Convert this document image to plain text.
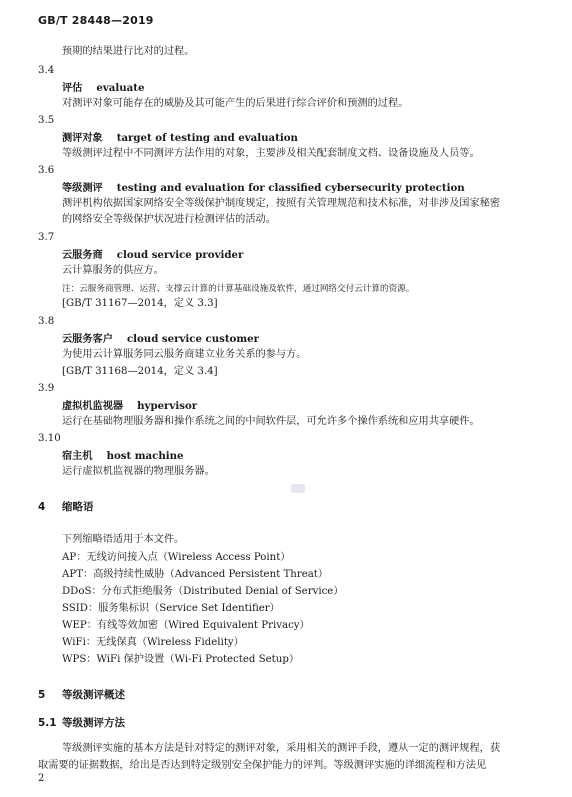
GB/T 28448—2019
预期的结果进行比对的过程。
3.4
评估 evaluate
对测评对象可能存在的威胁及其可能产生的后果进行综合评价和预测的过程。
3.5
测评对象 target of testing and evaluation
等级测评过程中不同测评方法作用的对象，主要涉及相关配套制度文档、设备设施及人员等。
3.6
等级测评 testing and evaluation for classified cybersecurity protection
测评机构依据国家网络安全等级保护制度规定，按照有关管理规范和技术标准，对非涉及国家秘密
的网络安全等级保护状况进行检测评估的活动。
3.7
云服务商 cloud service provider
云计算服务的供应方。
注：云服务商管理、运营、支撑云计算的计算基础设施及软件，通过网络交付云计算的资源。
[GB/T 31167—2014，定义 3.3]
3.8
云服务客户 cloud service customer
为使用云计算服务同云服务商建立业务关系的参与方。
[GB/T 31168—2014，定义 3.4]
3.9
虚拟机监视器 hypervisor
运行在基础物理服务器和操作系统之间的中间软件层，可允许多个操作系统和应用共享硬件。
3.10
宿主机 host machine
运行虚拟机监视器的物理服务器。
4 缩略语
下列缩略语适用于本文件。
AP：无线访问接入点（Wireless Access Point）
APT：高级持续性威胁（Advanced Persistent Threat）
DDoS：分布式拒绝服务（Distributed Denial of Service）
SSID：服务集标识（Service Set Identifier）
WEP：有线等效加密（Wired Equivalent Privacy）
WiFi：无线保真（Wireless Fidelity）
WPS：WiFi 保护设置（Wi-Fi Protected Setup）
5 等级测评概述
5.1 等级测评方法
等级测评实施的基本方法是针对特定的测评对象，采用相关的测评手段，遵从一定的测评规程，获
取需要的证据数据，给出是否达到特定级别安全保护能力的评判。等级测评实施的详细流程和方法见
2
